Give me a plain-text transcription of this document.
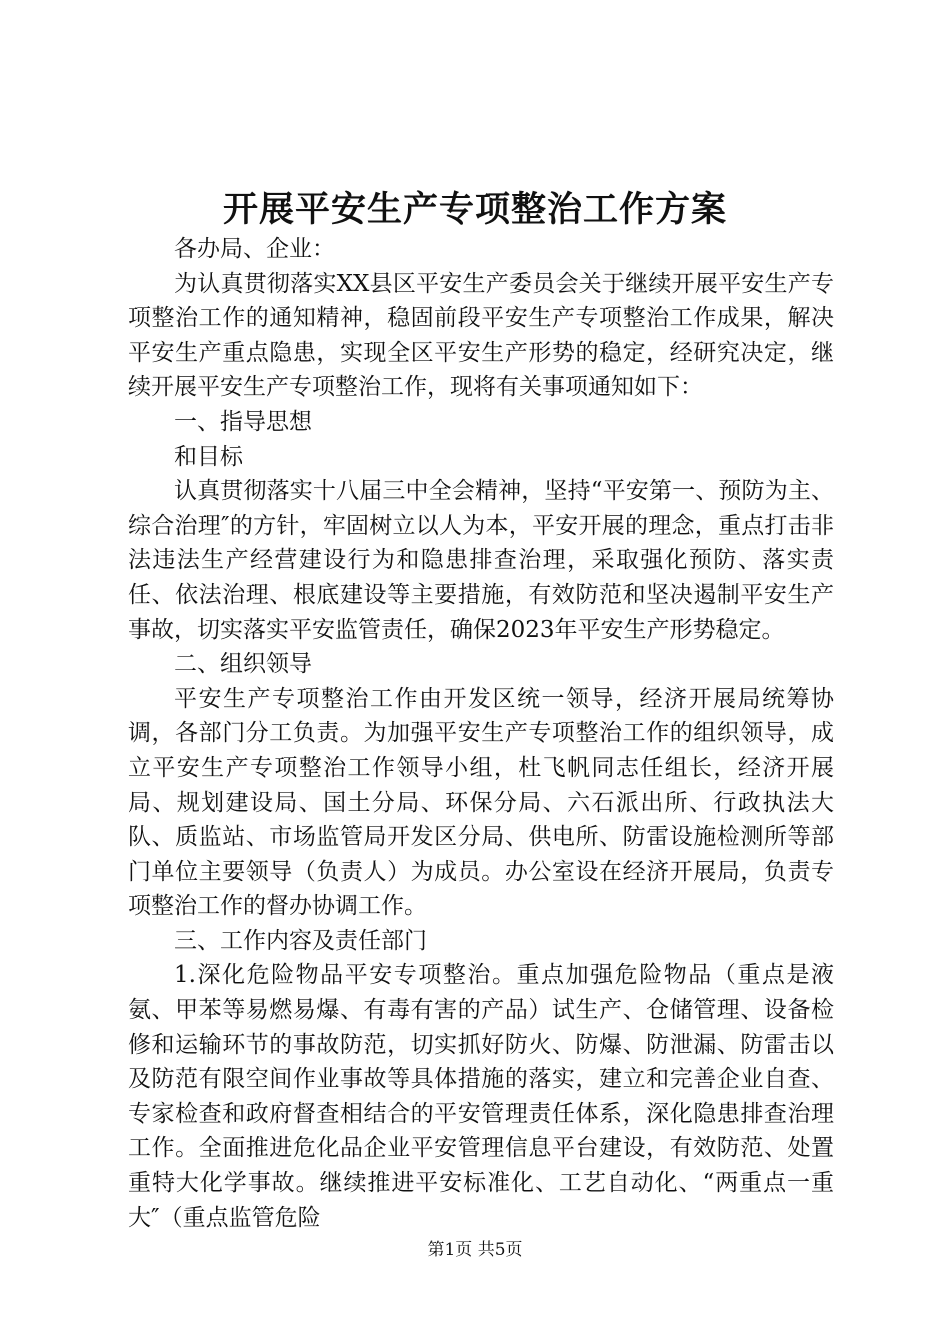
开展平安生产专项整治工作方案

各办局、企业：

为认真贯彻落实XX县区平安生产委员会关于继续开展平安生产专项整治工作的通知精神，稳固前段平安生产专项整治工作成果，解决平安生产重点隐患，实现全区平安生产形势的稳定，经研究决定，继续开展平安生产专项整治工作，现将有关事项通知如下：

一、指导思想

和目标

认真贯彻落实十八届三中全会精神，坚持“平安第一、预防为主、综合治理″的方针，牢固树立以人为本，平安开展的理念，重点打击非法违法生产经营建设行为和隐患排查治理，采取强化预防、落实责任、依法治理、根底建设等主要措施，有效防范和坚决遏制平安生产事故，切实落实平安监管责任，确保2023年平安生产形势稳定。

二、组织领导

平安生产专项整治工作由开发区统一领导，经济开展局统筹协调，各部门分工负责。为加强平安生产专项整治工作的组织领导，成立平安生产专项整治工作领导小组，杜飞帆同志任组长，经济开展局、规划建设局、国土分局、环保分局、六石派出所、行政执法大队、质监站、市场监管局开发区分局、供电所、防雷设施检测所等部门单位主要领导（负责人）为成员。办公室设在经济开展局，负责专项整治工作的督办协调工作。

三、工作内容及责任部门

1.深化危险物品平安专项整治。重点加强危险物品（重点是液氨、甲苯等易燃易爆、有毒有害的产品）试生产、仓储管理、设备检修和运输环节的事故防范，切实抓好防火、防爆、防泄漏、防雷击以及防范有限空间作业事故等具体措施的落实，建立和完善企业自查、专家检查和政府督查相结合的平安管理责任体系，深化隐患排查治理工作。全面推进危化品企业平安管理信息平台建设，有效防范、处置重特大化学事故。继续推进平安标准化、工艺自动化、“两重点一重大″（重点监管危险

第1页 共5页
